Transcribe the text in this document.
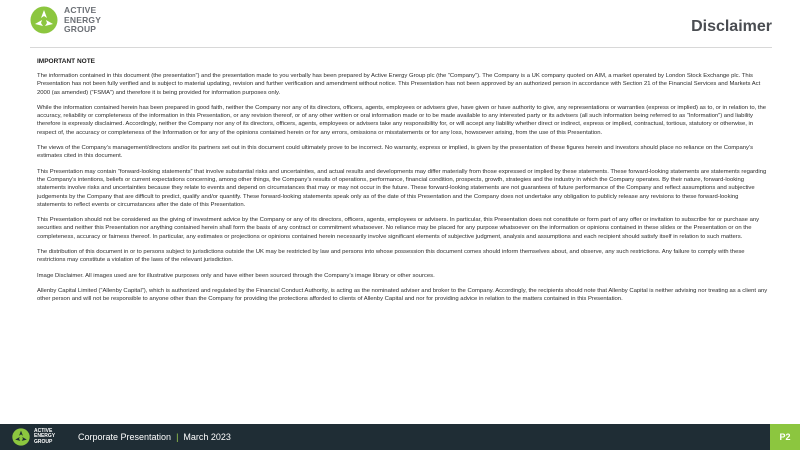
ACTIVE
ENERGY
GROUP	Disclaimer
IMPORTANT NOTE

The information contained in this document (the presentation”) and the presentation made to you verbally has been prepared by Active Energy Group plc (the “Company”). The Company is a UK company quoted on AIM, a market operated by London Stock Exchange plc. This Presentation has not been fully verified and is subject to material updating, revision and further verification and amendment without notice. This Presentation has not been approved by an authorized person in accordance with Section 21 of the Financial Services and Markets Act 2000 (as amended) (“FSMA”) and therefore it is being provided for information purposes only.

While the information contained herein has been prepared in good faith, neither the Company nor any of its directors, officers, agents, employees or advisers give, have given or have authority to give, any representations or warranties (express or implied) as to, or in relation to, the accuracy, reliability or completeness of the information in this Presentation, or any revision thereof, or of any other written or oral information made or to be made available to any interested party or its advisers (all such information being referred to as “Information”) and liability therefore is expressly disclaimed. Accordingly, neither the Company nor any of its directors, officers, agents, employees or advisers take any responsibility for, or will accept any liability whether direct or indirect, express or implied, contractual, tortious, statutory or otherwise, in respect of, the accuracy or completeness of the Information or for any of the opinions contained herein or for any errors, omissions or misstatements or for any loss, howsoever arising, from the use of this Presentation.

The views of the Company’s management/directors and/or its partners set out in this document could ultimately prove to be incorrect. No warranty, express or implied, is given by the presentation of these figures herein and investors should place no reliance on the Company’s estimates cited in this document.

This Presentation may contain “forward-looking statements” that involve substantial risks and uncertainties, and actual results and developments may differ materially from those expressed or implied by these statements. These forward-looking statements are statements regarding the Company’s intentions, beliefs or current expectations concerning, among other things, the Company’s results of operations, performance, financial condition, prospects, growth, strategies and the industry in which the Company operates. By their nature, forward-looking statements involve risks and uncertainties because they relate to events and depend on circumstances that may or may not occur in the future. These forward-looking statements are not guarantees of future performance of the Company and reflect assumptions and subjective judgements by the Company that are difficult to predict, qualify and/or quantify. These forward-looking statements speak only as of the date of this Presentation and the Company does not undertake any obligation to publicly release any revisions to these forward-looking statements to reflect events or circumstances after the date of this Presentation.

This Presentation should not be considered as the giving of investment advice by the Company or any of its directors, officers, agents, employees or advisers. In particular, this Presentation does not constitute or form part of any offer or invitation to subscribe for or purchase any securities and neither this Presentation nor anything contained herein shall form the basis of any contract or commitment whatsoever. No reliance may be placed for any purpose whatsoever on the information or opinions contained in these slides or the Presentation or on the completeness, accuracy or fairness thereof. In particular, any estimates or projections or opinions contained herein necessarily involve significant elements of subjective judgment, analysis and assumptions and each recipient should satisfy itself in relation to such matters.

The distribution of this document in or to persons subject to jurisdictions outside the UK may be restricted by law and persons into whose possession this document comes should inform themselves about, and observe, any such restrictions. Any failure to comply with these restrictions may constitute a violation of the laws of the relevant jurisdiction.

Image Disclaimer. All images used are for illustrative purposes only and have either been sourced through the Company’s image library or other sources.

Allenby Capital Limited (“Allenby Capital”), which is authorized and regulated by the Financial Conduct Authority, is acting as the nominated adviser and broker to the Company. Accordingly, the recipients should note that Allenby Capital is neither advising nor treating as a client any other person and will not be responsible to anyone other than the Company for providing the protections afforded to clients of Allenby Capital and nor for providing advice in relation to the matters contained in this Presentation.

ACTIVE
ENERGY
GROUP	Corporate Presentation | March 2023	P2
